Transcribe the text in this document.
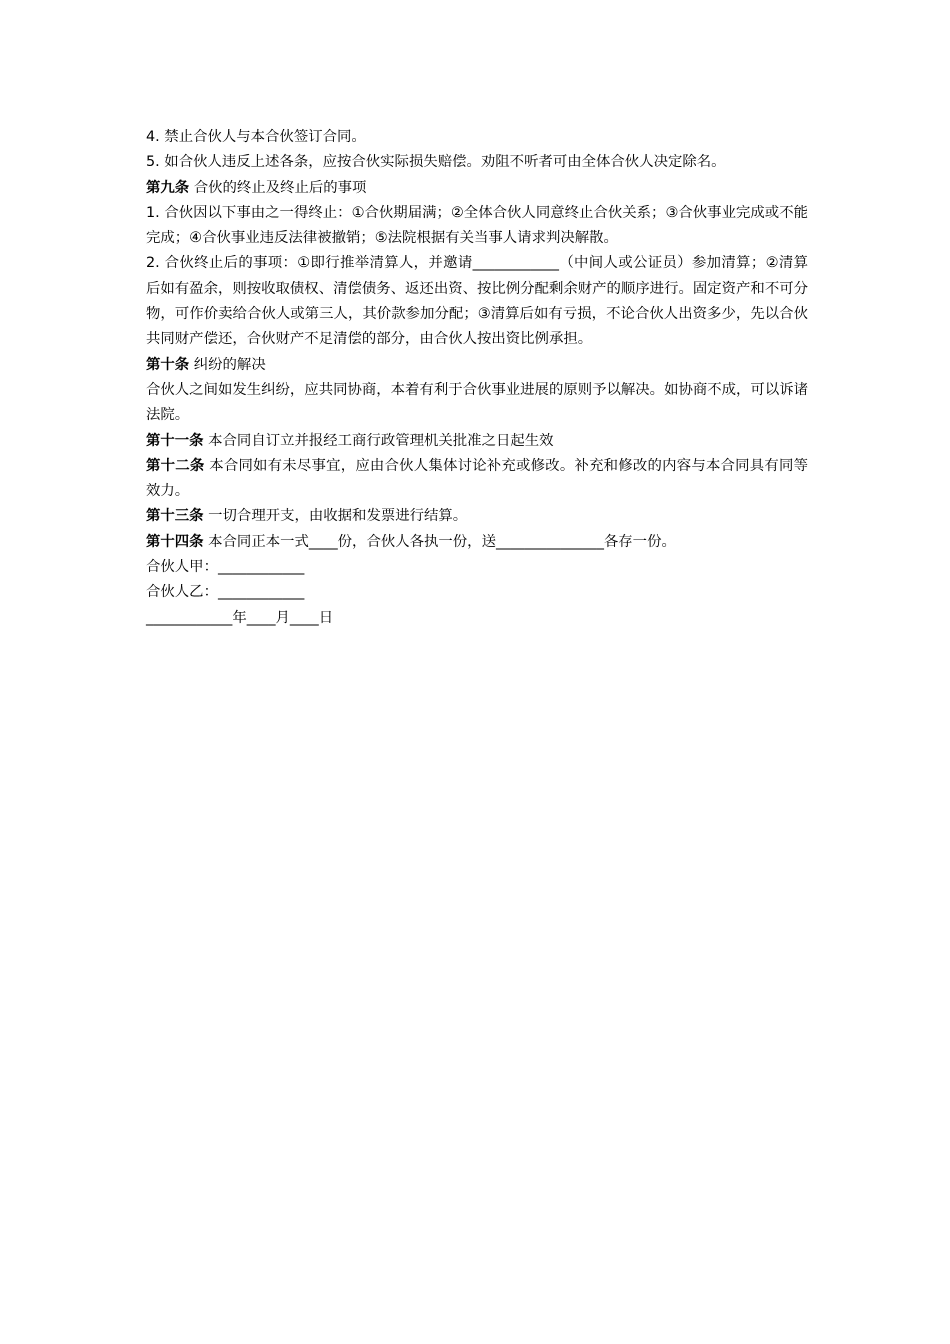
4. 禁止合伙人与本合伙签订合同。

5. 如合伙人违反上述各条，应按合伙实际损失赔偿。劝阻不听者可由全体合伙人决定除名。

第九条 合伙的终止及终止后的事项

1. 合伙因以下事由之一得终止：①合伙期届满；②全体合伙人同意终止合伙关系；③合伙事业完成或不能完成；④合伙事业违反法律被撤销；⑤法院根据有关当事人请求判决解散。

2. 合伙终止后的事项：①即行推举清算人，并邀请____________（中间人或公证员）参加清算；②清算后如有盈余，则按收取债权、清偿债务、返还出资、按比例分配剩余财产的顺序进行。固定资产和不可分物，可作价卖给合伙人或第三人，其价款参加分配；③清算后如有亏损，不论合伙人出资多少，先以合伙共同财产偿还，合伙财产不足清偿的部分，由合伙人按出资比例承担。

第十条 纠纷的解决

合伙人之间如发生纠纷，应共同协商，本着有利于合伙事业进展的原则予以解决。如协商不成，可以诉诸法院。

第十一条 本合同自订立并报经工商行政管理机关批准之日起生效

第十二条 本合同如有未尽事宜，应由合伙人集体讨论补充或修改。补充和修改的内容与本合同具有同等效力。

第十三条 一切合理开支，由收据和发票进行结算。

第十四条 本合同正本一式____份，合伙人各执一份，送_______________各存一份。

合伙人甲：____________

合伙人乙：____________

____________年____月____日
